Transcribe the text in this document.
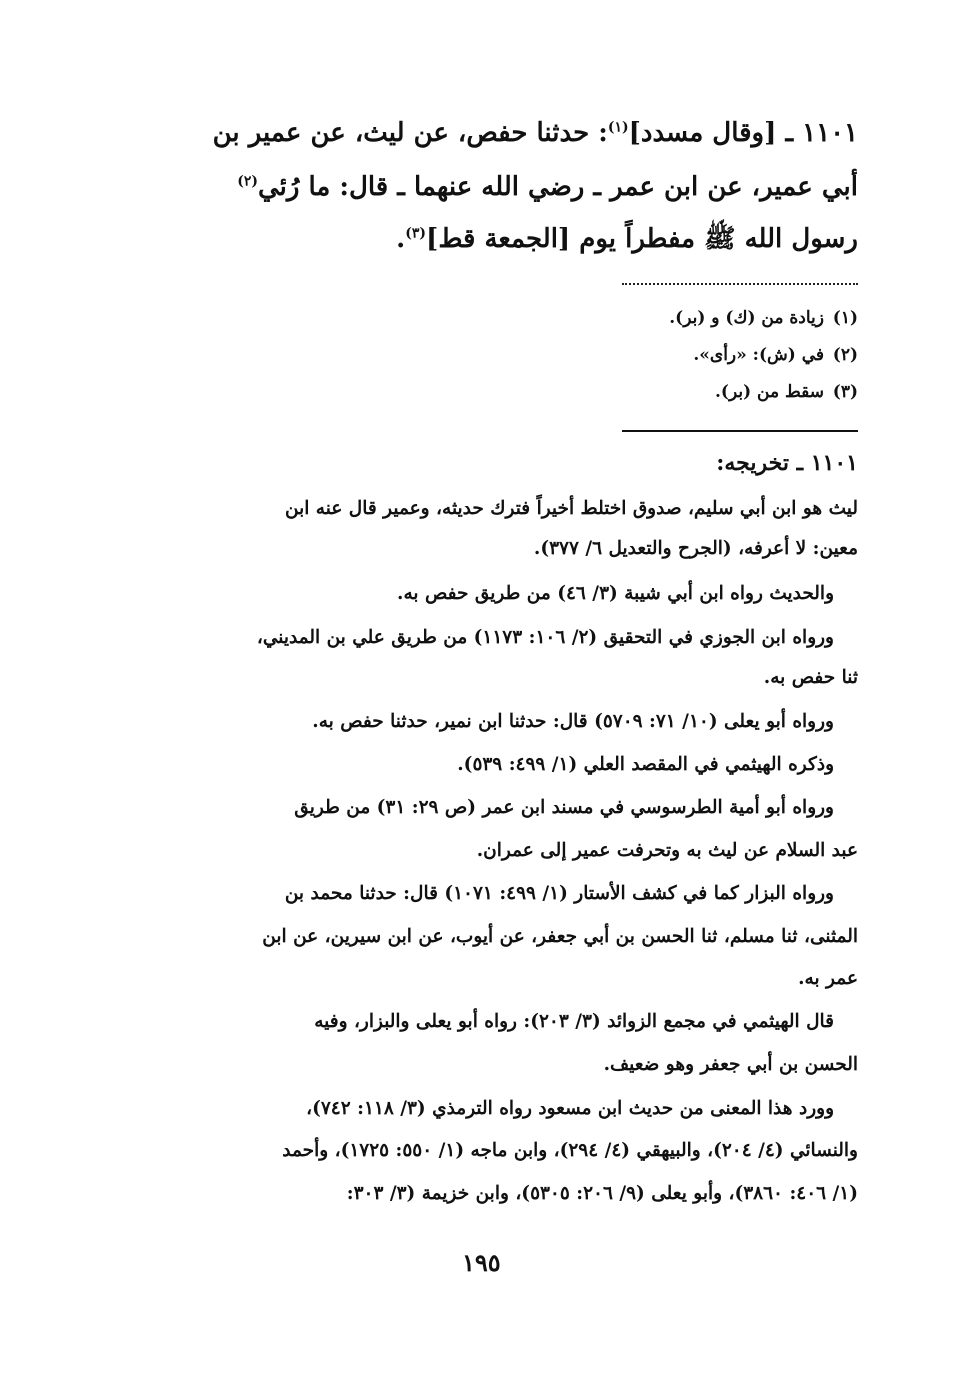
١١٠١ ـ [وقال مسدد]$^{(١)}$: حدثنا حفص، عن ليث، عن عمير بن
أبي عمير، عن ابن عمر ـ رضي الله عنهما ـ قال: ما رُئي$^{(٢)}$
رسول الله ﷺ مفطراً يوم [الجمعة قط]$^{(٣)}$.
(١)زيادة من (ك) و (بر).
(٢)في (ش): «رأى».
(٣)سقط من (بر).
١١٠١ ـ تخريجه:
ليث هو ابن أبي سليم، صدوق اختلط أخيراً فترك حديثه، وعمير قال عنه ابن
معين: لا أعرفه، (الجرح والتعديل ٦/ ٣٧٧).
والحديث رواه ابن أبي شيبة (٣/ ٤٦) من طريق حفص به.
ورواه ابن الجوزي في التحقيق (٢/ ١٠٦: ١١٧٣) من طريق علي بن المديني،
ثنا حفص به.
ورواه أبو يعلى (١٠/ ٧١: ٥٧٠٩) قال: حدثنا ابن نمير، حدثنا حفص به.
وذكره الهيثمي في المقصد العلي (١/ ٤٩٩: ٥٣٩).
ورواه أبو أمية الطرسوسي في مسند ابن عمر (ص ٢٩: ٣١) من طريق
عبد السلام عن ليث به وتحرفت عمير إلى عمران.
ورواه البزار كما في كشف الأستار (١/ ٤٩٩: ١٠٧١) قال: حدثنا محمد بن
المثنى، ثنا مسلم، ثنا الحسن بن أبي جعفر، عن أيوب، عن ابن سيرين، عن ابن
عمر به.
قال الهيثمي في مجمع الزوائد (٣/ ٢٠٣): رواه أبو يعلى والبزار، وفيه
الحسن بن أبي جعفر وهو ضعيف.
وورد هذا المعنى من حديث ابن مسعود رواه الترمذي (٣/ ١١٨: ٧٤٢)،
والنسائي (٤/ ٢٠٤)، والبيهقي (٤/ ٢٩٤)، وابن ماجه (١/ ٥٥٠: ١٧٢٥)، وأحمد
(١/ ٤٠٦: ٣٨٦٠)، وأبو يعلى (٩/ ٢٠٦: ٥٣٠٥)، وابن خزيمة (٣/ ٣٠٣:
١٩٥
